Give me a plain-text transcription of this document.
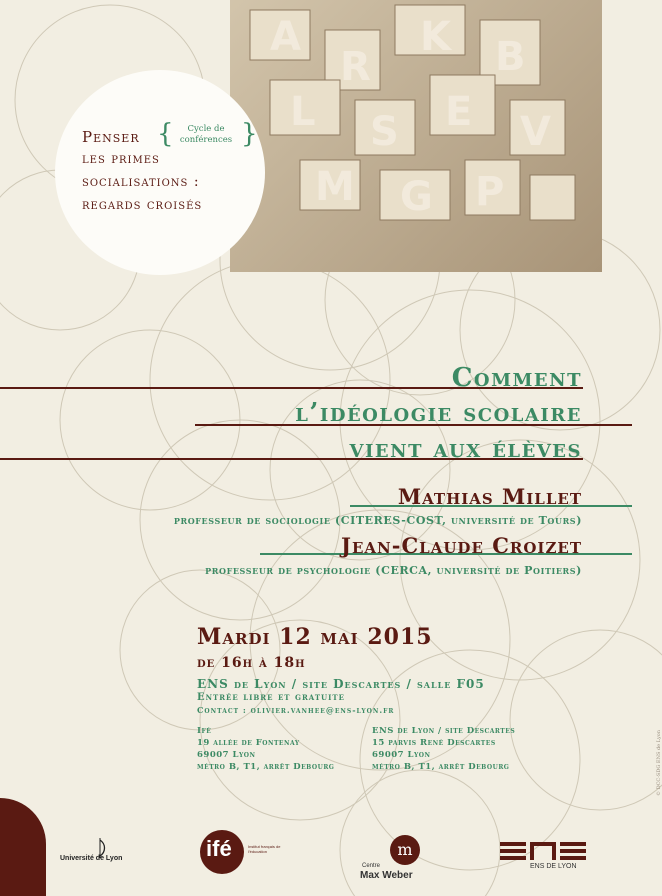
A
R
K B
L S E V
M G P
Penser {	Cycle de conférences }
les primes
socialisations :
regards croisés
Comment
l’idéologie scolaire
vient aux élèves
Mathias Millet
professeur de sociologie (CITERES-COST, université de Tours)
Jean-Claude Croizet
professeur de psychologie (CERCA, université de Poitiers)
Mardi 12 mai 2015
de 16h à 18h
ENS de Lyon / site Descartes / salle F05
Entrée libre et gratuite
Contact : olivier.vanhee@ens-lyon.fr
Ifé
19 allée de Fontenay
69007 Lyon
métro B, T1, arrêt Debourg
ENS de Lyon / site Descartes
15 parvis René Descartes
69007 Lyon
métro B, T1, arrêt Debourg
Université de Lyon	ifé	Institut français de l'éducation	m
Centre
Max Weber
ENS DE LYON
© DCC-SDG ENS de Lyon
